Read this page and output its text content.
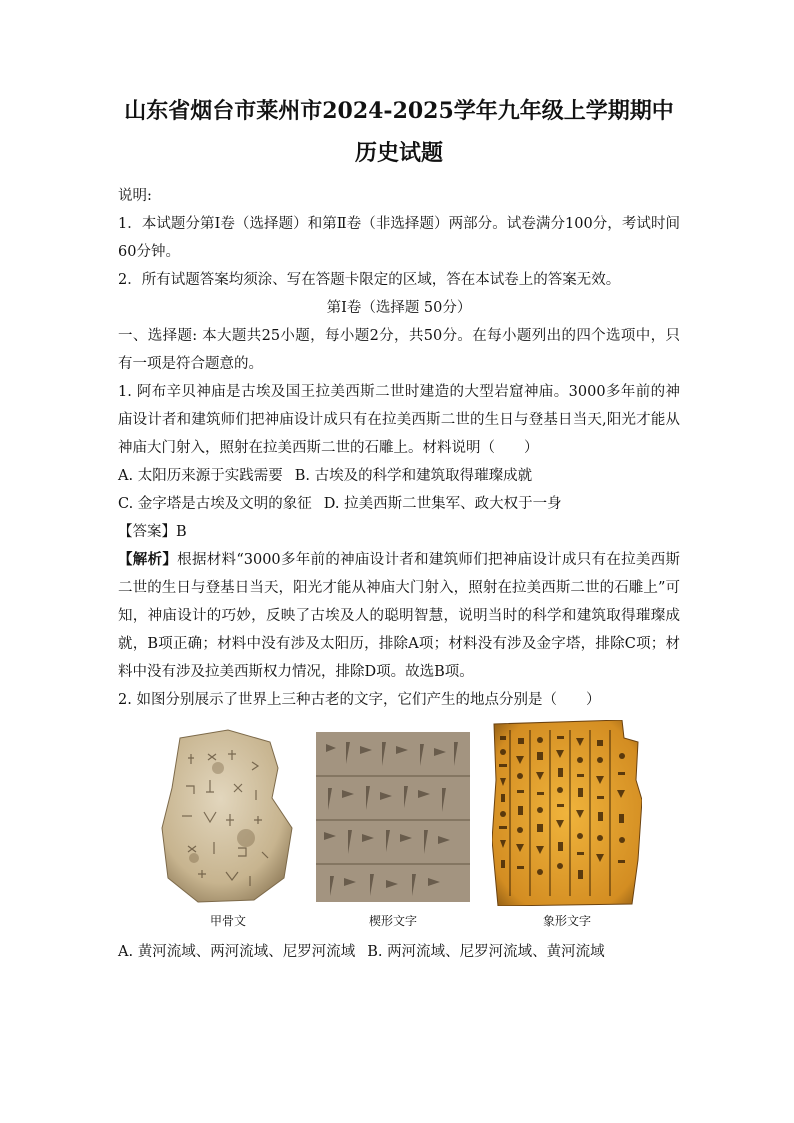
山东省烟台市莱州市2024-2025学年九年级上学期期中
历史试题

说明:

1．本试题分第Ⅰ卷（选择题）和第Ⅱ卷（非选择题）两部分。试卷满分100分，考试时间60分钟。

2．所有试题答案均须涂、写在答题卡限定的区域，答在本试卷上的答案无效。

第Ⅰ卷（选择题 50分）

一、选择题: 本大题共25小题，每小题2分，共50分。在每小题列出的四个选项中，只有一项是符合题意的。

1. 阿布辛贝神庙是古埃及国王拉美西斯二世时建造的大型岩窟神庙。3000多年前的神庙设计者和建筑师们把神庙设计成只有在拉美西斯二世的生日与登基日当天,阳光才能从神庙大门射入，照射在拉美西斯二世的石雕上。材料说明（　　）

A. 太阳历来源于实践需要 B. 古埃及的科学和建筑取得璀璨成就

C. 金字塔是古埃及文明的象征 D. 拉美西斯二世集军、政大权于一身

【答案】B

【解析】根据材料“3000多年前的神庙设计者和建筑师们把神庙设计成只有在拉美西斯二世的生日与登基日当天，阳光才能从神庙大门射入，照射在拉美西斯二世的石雕上”可知，神庙设计的巧妙，反映了古埃及人的聪明智慧，说明当时的科学和建筑取得璀璨成就，B项正确；材料中没有涉及太阳历，排除A项；材料没有涉及金字塔，排除C项；材料中没有涉及拉美西斯权力情况，排除D项。故选B项。

2. 如图分别展示了世界上三种古老的文字，它们产生的地点分别是（　　）

甲骨文	楔形文字	象形文字

A. 黄河流域、两河流域、尼罗河流域 B. 两河流域、尼罗河流域、黄河流域
